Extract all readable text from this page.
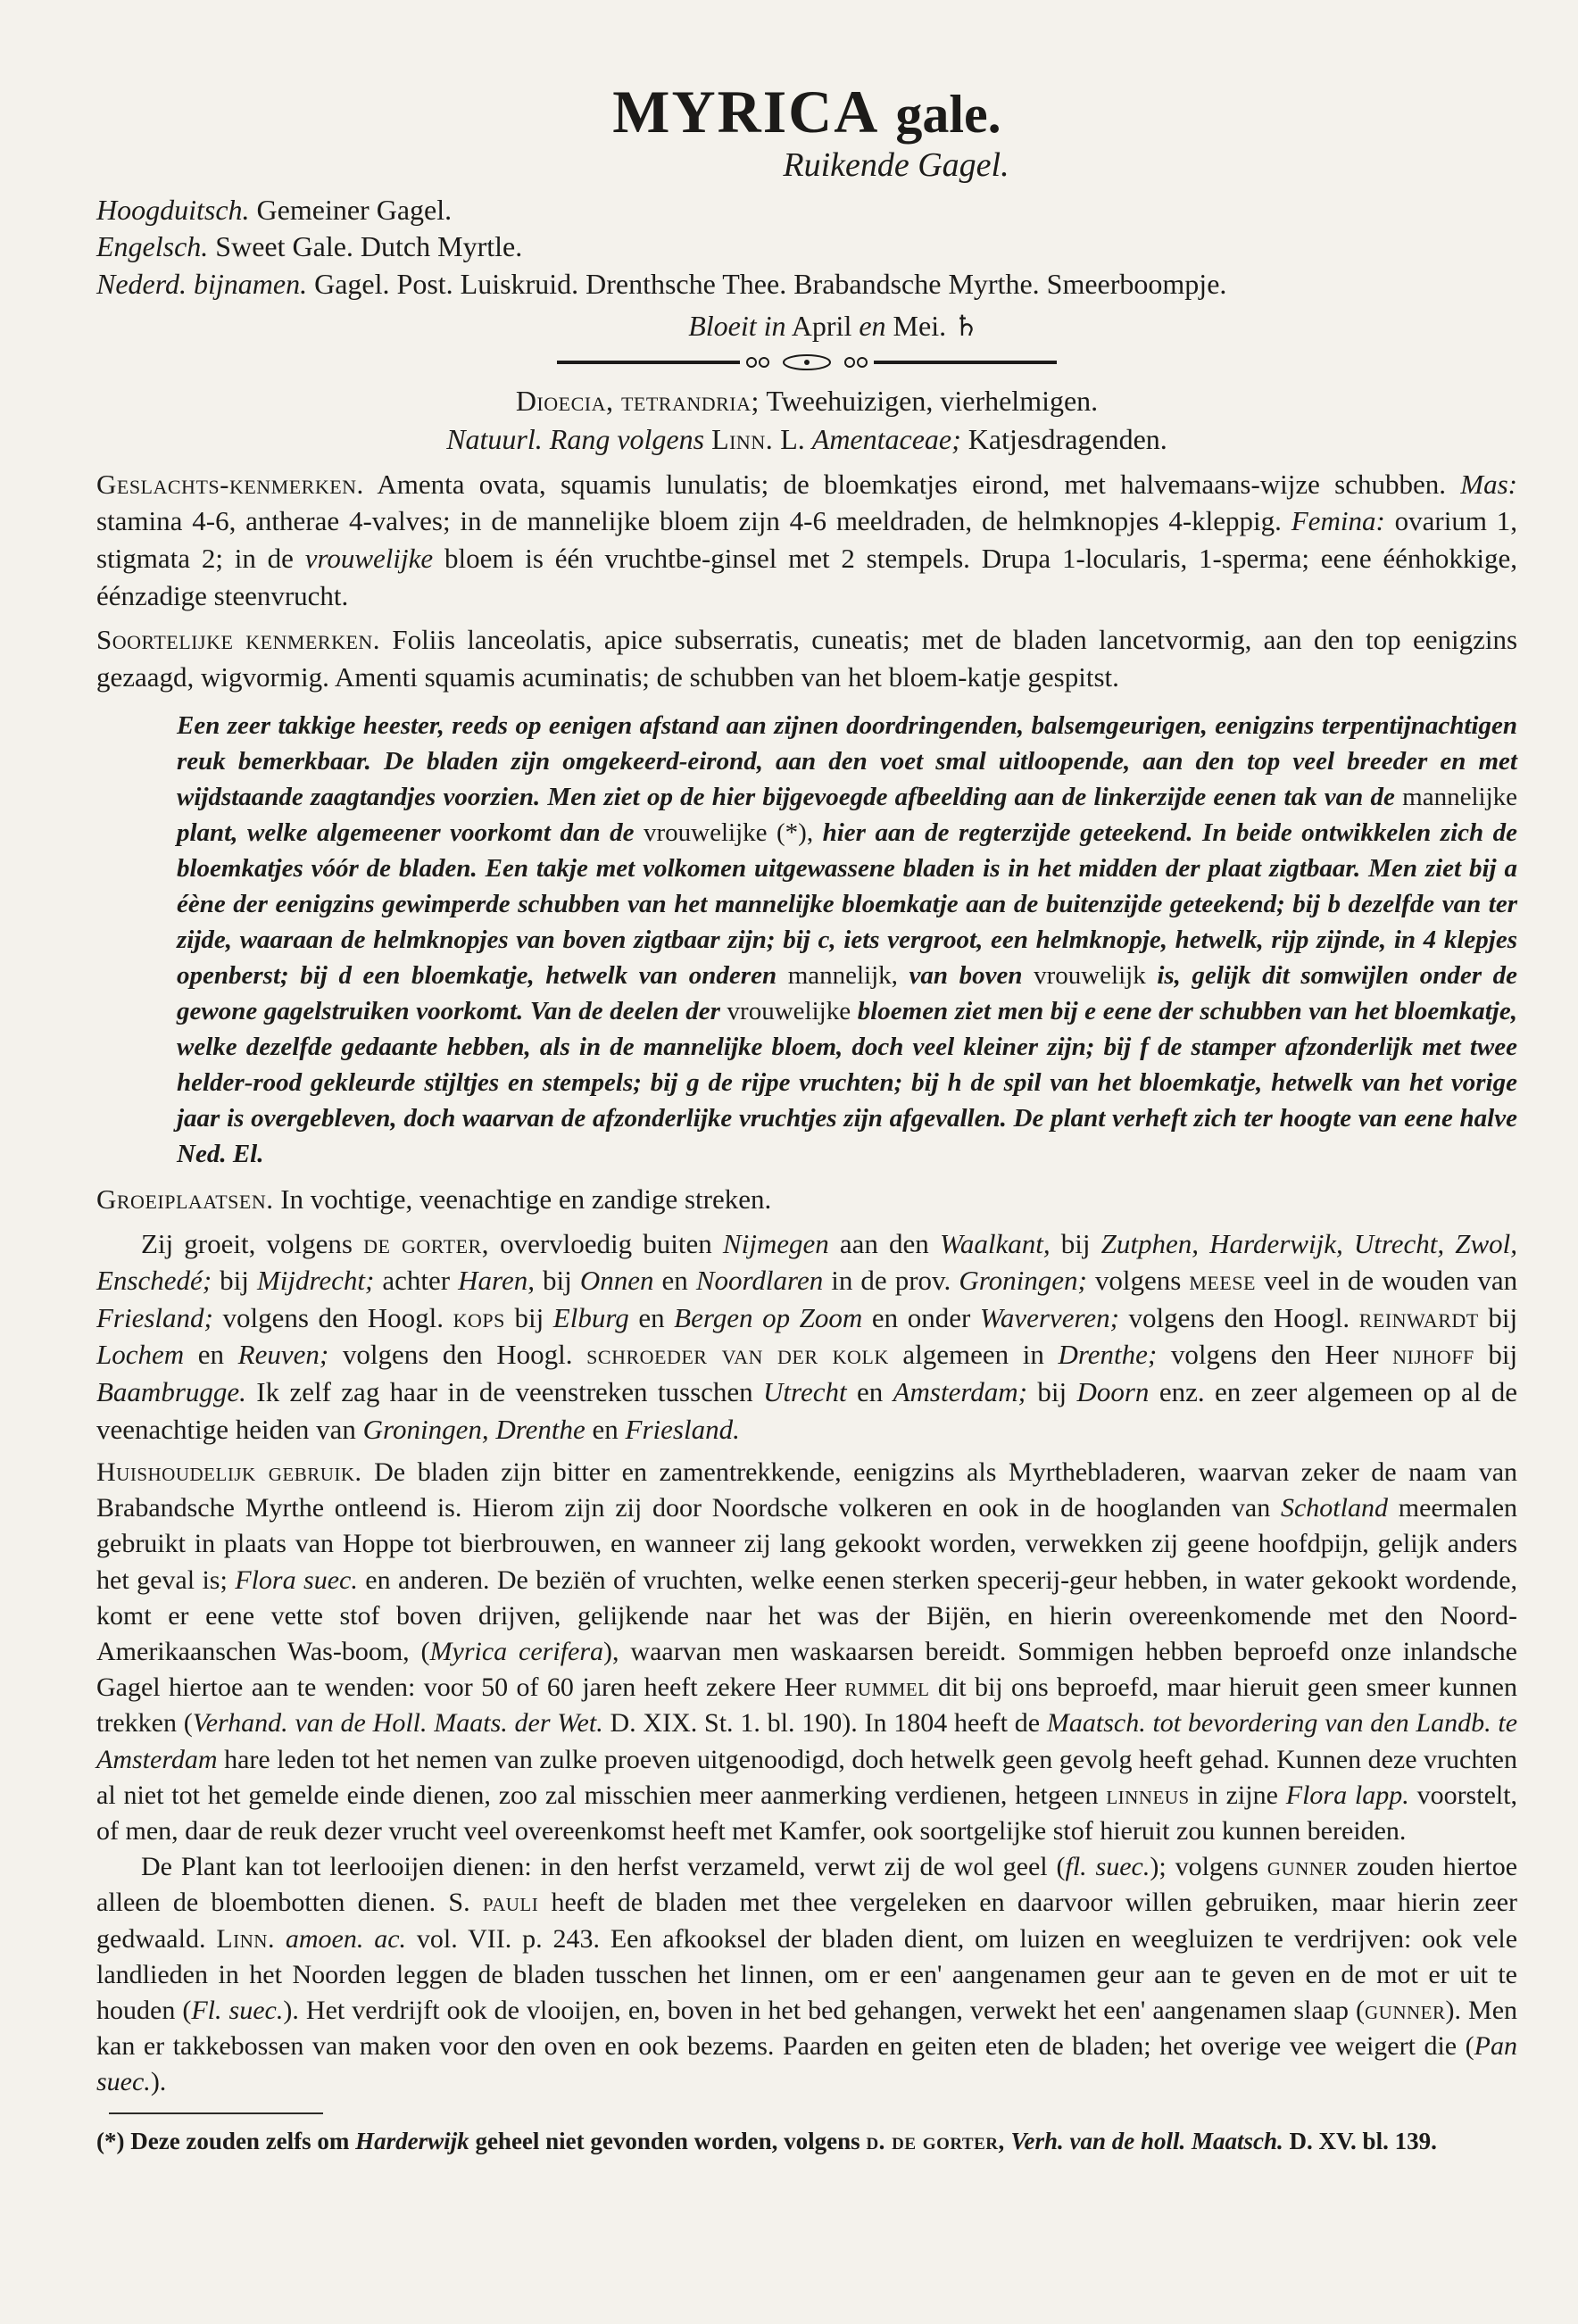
MYRICA gale.

Ruikende Gagel.

Hoogduitsch. Gemeiner Gagel.

Engelsch. Sweet Gale. Dutch Myrtle.

Nederd. bijnamen. Gagel. Post. Luiskruid. Drenthsche Thee. Brabandsche Myrthe. Smeerboompje.

Bloeit in April en Mei. ♄

Dioecia, tetrandria; Tweehuizigen, vierhelmigen.

Natuurl. Rang volgens Linn. L. Amentaceae; Katjesdragenden.

Geslachts-kenmerken. Amenta ovata, squamis lunulatis; de bloemkatjes eirond, met halvemaans-wijze schubben. Mas: stamina 4-6, antherae 4-valves; in de mannelijke bloem zijn 4-6 meeldraden, de helmknopjes 4-kleppig. Femina: ovarium 1, stigmata 2; in de vrouwelijke bloem is één vruchtbe-ginsel met 2 stempels. Drupa 1-locularis, 1-sperma; eene éénhokkige, éénzadige steenvrucht.

Soortelijke kenmerken. Foliis lanceolatis, apice subserratis, cuneatis; met de bladen lancetvormig, aan den top eenigzins gezaagd, wigvormig. Amenti squamis acuminatis; de schubben van het bloem-katje gespitst.

Een zeer takkige heester, reeds op eenigen afstand aan zijnen doordringenden, balsemgeurigen, eenigzins terpentijnachtigen reuk bemerkbaar. De bladen zijn omgekeerd-eirond, aan den voet smal uitloopende, aan den top veel breeder en met wijdstaande zaagtandjes voorzien. Men ziet op de hier bijgevoegde afbeelding aan de linkerzijde eenen tak van de mannelijke plant, welke algemeener voorkomt dan de vrouwelijke (*), hier aan de regterzijde geteekend. In beide ontwikkelen zich de bloemkatjes vóór de bladen. Een takje met volkomen uitgewassene bladen is in het midden der plaat zigtbaar. Men ziet bij a éène der eenigzins gewimperde schubben van het mannelijke bloemkatje aan de buitenzijde geteekend; bij b dezelfde van ter zijde, waaraan de helmknopjes van boven zigtbaar zijn; bij c, iets vergroot, een helmknopje, hetwelk, rijp zijnde, in 4 klepjes openberst; bij d een bloemkatje, hetwelk van onderen mannelijk, van boven vrouwelijk is, gelijk dit somwijlen onder de gewone gagelstruiken voorkomt. Van de deelen der vrouwelijke bloemen ziet men bij e eene der schubben van het bloemkatje, welke dezelfde gedaante hebben, als in de mannelijke bloem, doch veel kleiner zijn; bij f de stamper afzonderlijk met twee helder-rood gekleurde stijltjes en stempels; bij g de rijpe vruchten; bij h de spil van het bloemkatje, hetwelk van het vorige jaar is overgebleven, doch waarvan de afzonderlijke vruchtjes zijn afgevallen. De plant verheft zich ter hoogte van eene halve Ned. El.

Groeiplaatsen. In vochtige, veenachtige en zandige streken.

Zij groeit, volgens de gorter, overvloedig buiten Nijmegen aan den Waalkant, bij Zutphen, Harderwijk, Utrecht, Zwol, Enschedé; bij Mijdrecht; achter Haren, bij Onnen en Noordlaren in de prov. Groningen; volgens meese veel in de wouden van Friesland; volgens den Hoogl. kops bij Elburg en Bergen op Zoom en onder Waververen; volgens den Hoogl. reinwardt bij Lochem en Reuven; volgens den Hoogl. schroeder van der kolk algemeen in Drenthe; volgens den Heer nijhoff bij Baambrugge. Ik zelf zag haar in de veenstreken tusschen Utrecht en Amsterdam; bij Doorn enz. en zeer algemeen op al de veenachtige heiden van Groningen, Drenthe en Friesland.

Huishoudelijk gebruik. De bladen zijn bitter en zamentrekkende, eenigzins als Myrthebladeren, waarvan zeker de naam van Brabandsche Myrthe ontleend is. Hierom zijn zij door Noordsche volkeren en ook in de hooglanden van Schotland meermalen gebruikt in plaats van Hoppe tot bierbrouwen, en wanneer zij lang gekookt worden, verwekken zij geene hoofdpijn, gelijk anders het geval is; Flora suec. en anderen. De beziën of vruchten, welke eenen sterken specerij-geur hebben, in water gekookt wordende, komt er eene vette stof boven drijven, gelijkende naar het was der Bijën, en hierin overeenkomende met den Noord-Amerikaanschen Was-boom, (Myrica cerifera), waarvan men waskaarsen bereidt. Sommigen hebben beproefd onze inlandsche Gagel hiertoe aan te wenden: voor 50 of 60 jaren heeft zekere Heer rummel dit bij ons beproefd, maar hieruit geen smeer kunnen trekken (Verhand. van de Holl. Maats. der Wet. D. XIX. St. 1. bl. 190). In 1804 heeft de Maatsch. tot bevordering van den Landb. te Amsterdam hare leden tot het nemen van zulke proeven uitgenoodigd, doch hetwelk geen gevolg heeft gehad. Kunnen deze vruchten al niet tot het gemelde einde dienen, zoo zal misschien meer aanmerking verdienen, hetgeen linneus in zijne Flora lapp. voorstelt, of men, daar de reuk dezer vrucht veel overeenkomst heeft met Kamfer, ook soortgelijke stof hieruit zou kunnen bereiden.

De Plant kan tot leerlooijen dienen: in den herfst verzameld, verwt zij de wol geel (fl. suec.); volgens gunner zouden hiertoe alleen de bloembotten dienen. S. pauli heeft de bladen met thee vergeleken en daarvoor willen gebruiken, maar hierin zeer gedwaald. Linn. amoen. ac. vol. VII. p. 243. Een afkooksel der bladen dient, om luizen en weegluizen te verdrijven: ook vele landlieden in het Noorden leggen de bladen tusschen het linnen, om er een' aangenamen geur aan te geven en de mot er uit te houden (Fl. suec.). Het verdrijft ook de vlooijen, en, boven in het bed gehangen, verwekt het een' aangenamen slaap (gunner). Men kan er takkebossen van maken voor den oven en ook bezems. Paarden en geiten eten de bladen; het overige vee weigert die (Pan suec.).

(*) Deze zouden zelfs om Harderwijk geheel niet gevonden worden, volgens d. de gorter, Verh. van de holl. Maatsch. D. XV. bl. 139.
